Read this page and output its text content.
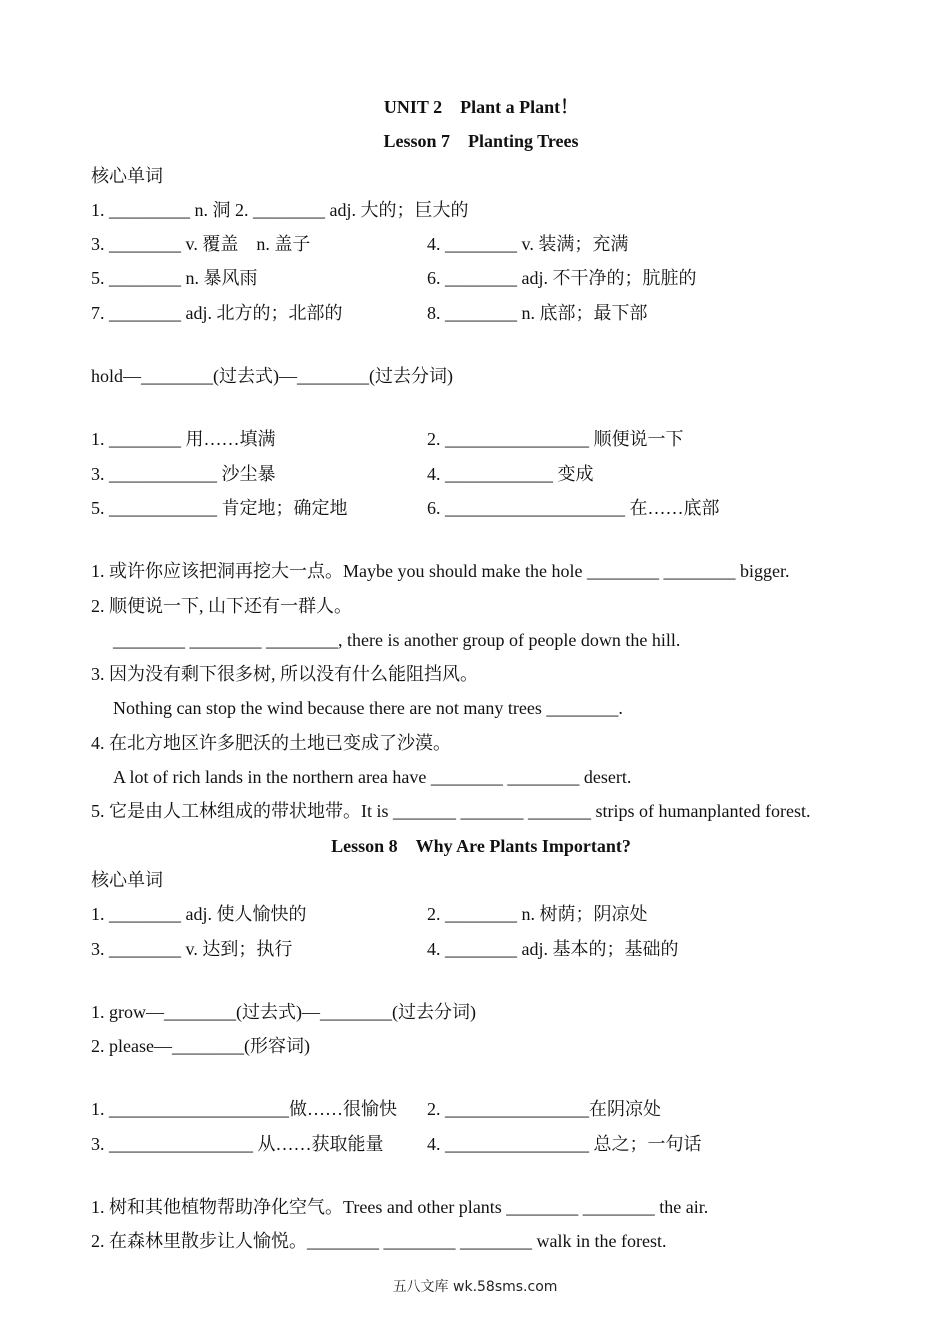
UNIT 2　Plant a Plant！
Lesson 7　Planting Trees
核心单词
1. _________ n. 洞 2. ________ adj. 大的；巨大的
3. ________ v. 覆盖　n. 盖子	4. ________ v. 装满；充满
5. ________ n. 暴风雨	6. ________ adj. 不干净的；肮脏的
7. ________ adj. 北方的；北部的	8. ________ n. 底部；最下部
hold—________(过去式)—________(过去分词)
1. ________ 用……填满	2. ________________ 顺便说一下
3. ____________ 沙尘暴	4. ____________ 变成
5. ____________ 肯定地；确定地	6. ____________________ 在……底部
1. 或许你应该把洞再挖大一点。Maybe you should make the hole ________ ________ bigger.
2. 顺便说一下, 山下还有一群人。
________ ________ ________, there is another group of people down the hill.
3. 因为没有剩下很多树, 所以没有什么能阻挡风。
Nothing can stop the wind because there are not many trees ________.
4. 在北方地区许多肥沃的土地已变成了沙漠。
A lot of rich lands in the northern area have ________ ________ desert.
5. 它是由人工林组成的带状地带。It is _______ _______ _______ strips of humanplanted forest.
Lesson 8　Why Are Plants Important?
核心单词
1. ________ adj. 使人愉快的	2. ________ n. 树荫；阴凉处
3. ________ v. 达到；执行	4. ________ adj. 基本的；基础的
1. grow—________(过去式)—________(过去分词)
2. please—________(形容词)
1. ____________________做……很愉快	2. ________________在阴凉处
3. ________________ 从……获取能量	4. ________________ 总之；一句话
1. 树和其他植物帮助净化空气。Trees and other plants ________ ________ the air.
2. 在森林里散步让人愉悦。________ ________ ________ walk in the forest.
五八文库 wk.58sms.com
